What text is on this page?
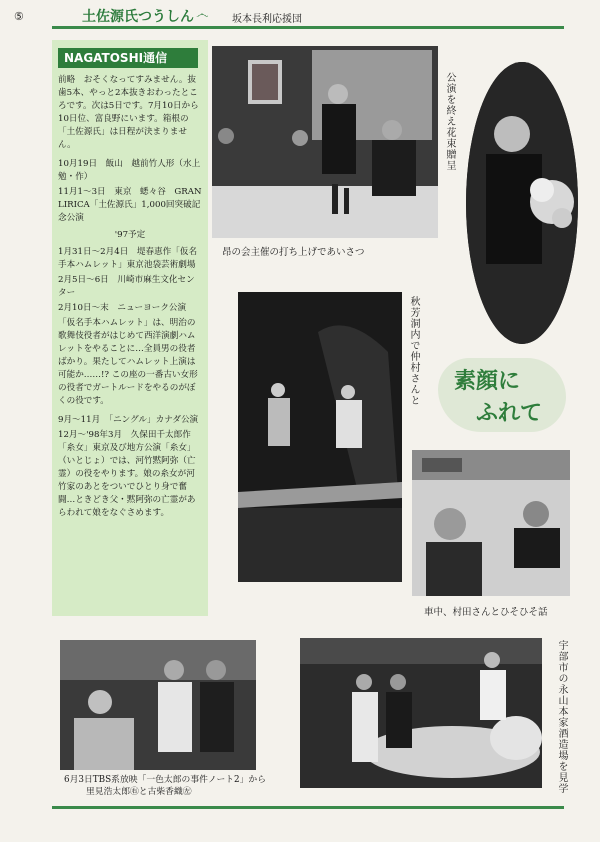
⑤	土佐源氏つうしん ෴	坂本長利応援団
NAGATOSHI通信

前略　おそくなってすみません。抜歯5本、やっと2本抜きおわったところです。次は5日です。7月10日から10日位、富良野にいます。箱根の「土佐源氏」は日程が決まりません。

10月19日　飯山　越前竹人形（水上勉・作）
11月1～3日　東京　蟋々谷　GRAN LIRICA「土佐源氏」1,000回突破記念公演
'97予定
1月31日～2月4日　堤春恵作「仮名手本ハムレット」東京池袋芸術劇場
2月5日～6日　川崎市麻生文化センター
2月10日～末　ニューヨーク公演

「仮名手本ハムレット」は、明治の歌舞伎役者がはじめて西洋演劇ハムレットをやることに…全員男の役者ばかり。果たしてハムレット上演は可能か……!? この座の一番古い女形の役者でガートルードをやるのがぼくの役です。

9月～11月　「ニングル」カナダ公演
12月～'98年3月　久保田千太郎作「糸女」東京及び地方公演「糸女」（いとじょ）では、河竹黙阿弥（亡霊）の役をやります。娘の糸女が河竹家のあとをついでひとり身で奮闘…ときどき父・黙阿弥の亡霊があらわれて娘をなぐさめます。
昂の会主催の打ち上げであいさつ
公演を終え花束贈呈
秋芳洞内で仲村さんと 素顔に
ふれて
車中、村田さんとひそひそ話
6月3日TBS系放映「一色太郎の事件ノート2」から
里見浩太郎㊨と古柴香織㊧	宇部市の永山本家酒造場を見学
